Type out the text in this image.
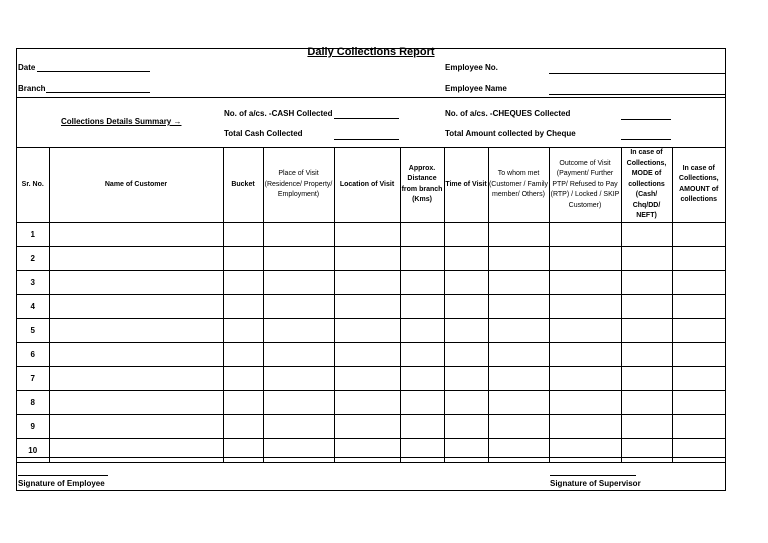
Daily Collections Report
Date
Branch
Employee No.
Employee Name
Collections Details Summary →
No. of a/cs. -CASH Collected
Total Cash Collected
No. of a/cs. -CHEQUES Collected
Total Amount collected by Cheque
Sr. No.	Name of Customer	Bucket	Place of Visit (Residence/ Property/ Employment)	Location of Visit	Approx. Distance from branch (Kms)	Time of Visit	To whom met (Customer / Family member/ Others)	Outcome of Visit (Payment/ Further PTP/ Refused to Pay (RTP) / Locked / SKIP Customer)	In case of Collections, MODE of collections (Cash/ Chq/DD/ NEFT)	In case of Collections, AMOUNT of collections
1										
2										
3										
4										
5										
6										
7										
8										
9										
10										
Signature of Employee	Signature of Supervisor
